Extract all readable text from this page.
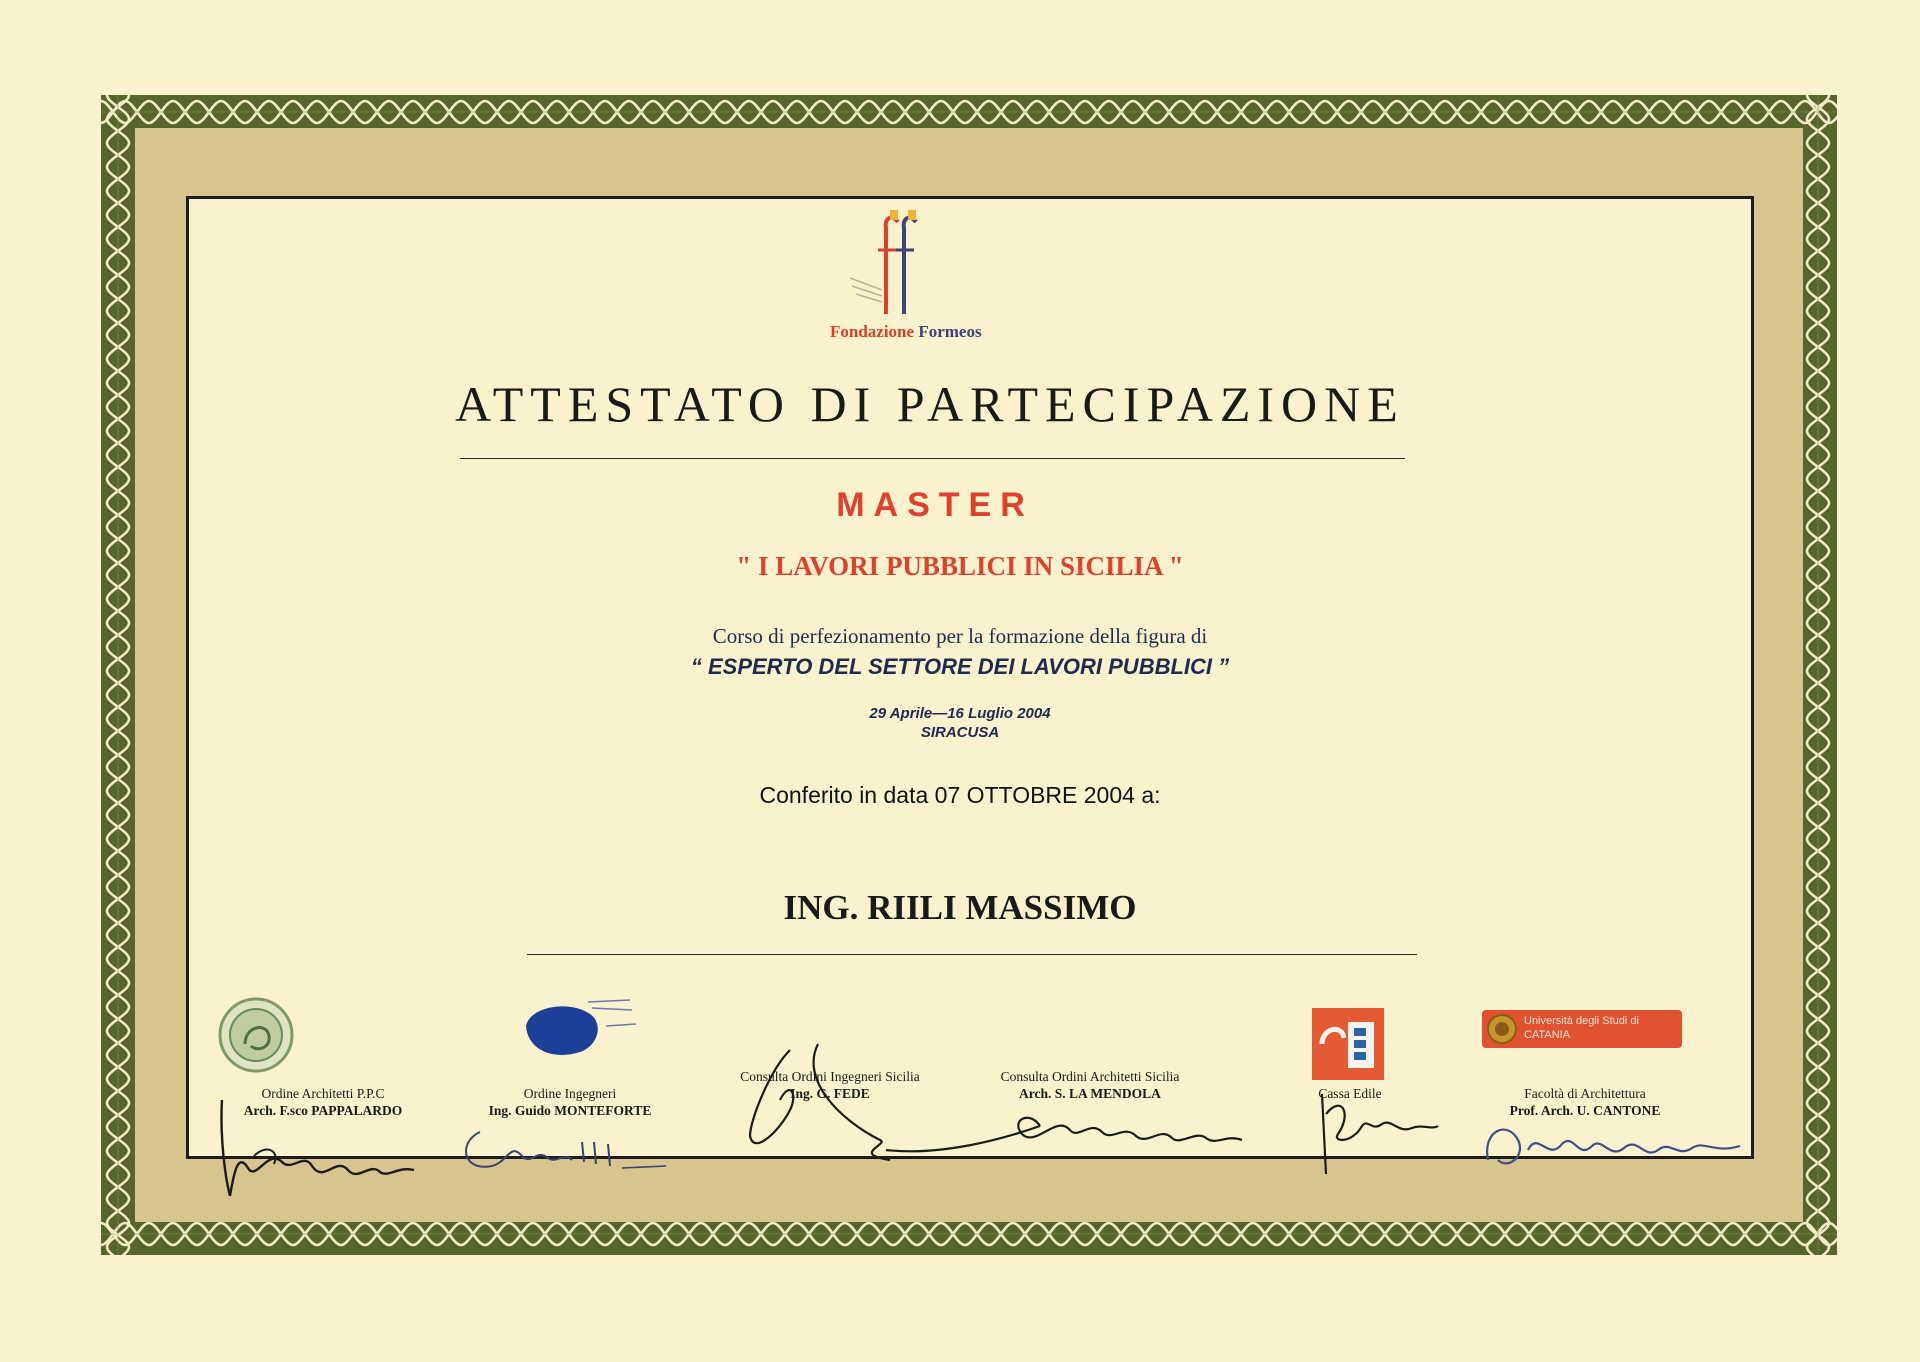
Fondazione Formeos
ATTESTATO DI PARTECIPAZIONE
MASTER
" I LAVORI PUBBLICI IN SICILIA "
Corso di perfezionamento per la formazione della figura di
“ ESPERTO DEL SETTORE DEI LAVORI PUBBLICI ”
29 Aprile—16 Luglio 2004
SIRACUSA
Conferito in data 07 OTTOBRE 2004 a:
ING. RIILI MASSIMO
Università degli Studi di CATANIA
Ordine Architetti P.P.C
Arch. F.sco PAPPALARDO
Ordine Ingegneri
Ing. Guido MONTEFORTE
Consulta Ordini Ingegneri Sicilia
Ing. G. FEDE
Consulta Ordini Architetti Sicilia
Arch. S. LA MENDOLA	Cassa Edile	Facoltà di Architettura
Prof. Arch. U. CANTONE
